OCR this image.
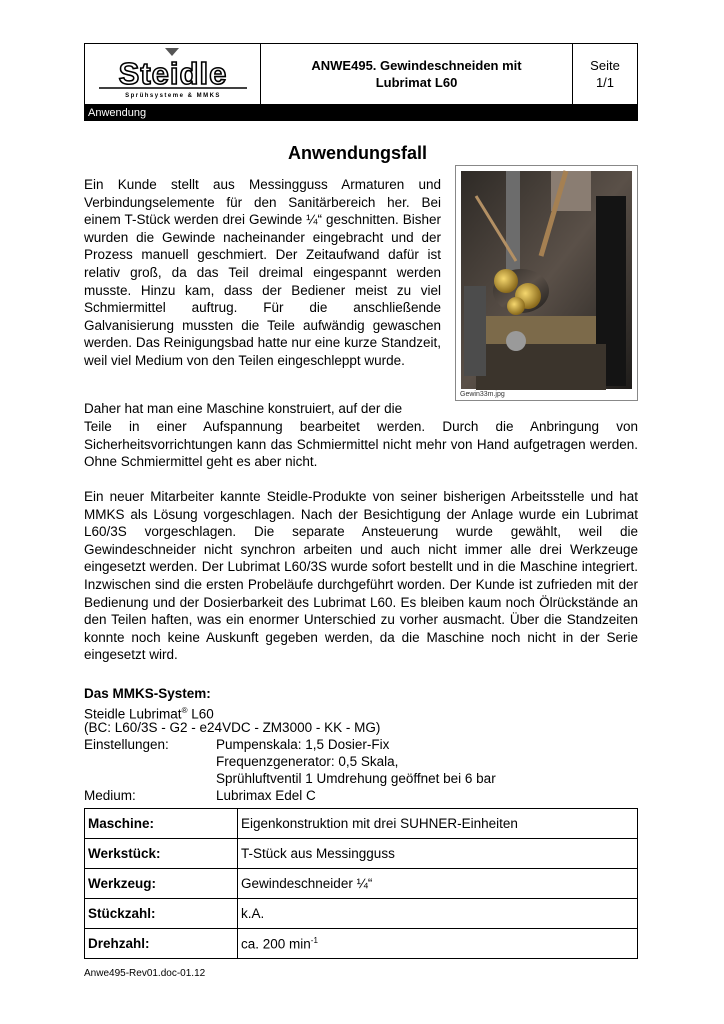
Steidle
Sprühsysteme & MMKS
ANWE495. Gewindeschneiden mit
Lubrimat L60
Seite
1/1
Anwendung
Anwendungsfall

Ein Kunde stellt aus Messingguss Armaturen und Verbindungselemente für den Sanitärbereich her. Bei einem T-Stück werden drei Gewinde ¼“ geschnitten. Bisher wurden die Gewinde nacheinander eingebracht und der Prozess manuell geschmiert. Der Zeitaufwand dafür ist relativ groß, da das Teil dreimal eingespannt werden musste. Hinzu kam, dass der Bediener meist zu viel Schmiermittel auftrug. Für die anschließende Galvanisierung mussten die Teile aufwändig gewaschen werden. Das Reinigungsbad hatte nur eine kurze Standzeit, weil viel Medium von den Teilen eingeschleppt wurde.

Gewin33m.jpg

Daher hat man eine Maschine konstruiert, auf der die

Teile in einer Aufspannung bearbeitet werden. Durch die Anbringung von Sicherheitsvorrichtungen kann das Schmiermittel nicht mehr von Hand aufgetragen werden. Ohne Schmiermittel geht es aber nicht.

Ein neuer Mitarbeiter kannte Steidle-Produkte von seiner bisherigen Arbeitsstelle und hat MMKS als Lösung vorgeschlagen. Nach der Besichtigung der Anlage wurde ein Lubrimat L60/3S vorgeschlagen. Die separate Ansteuerung wurde gewählt, weil die Gewindeschneider nicht synchron arbeiten und auch nicht immer alle drei Werkzeuge eingesetzt werden. Der Lubrimat L60/3S wurde sofort bestellt und in die Maschine integriert. Inzwischen sind die ersten Probeläufe durchgeführt worden. Der Kunde ist zufrieden mit der Bedienung und der Dosierbarkeit des Lubrimat L60. Es bleiben kaum noch Ölrückstände an den Teilen haften, was ein enormer Unterschied zu vorher ausmacht. Über die Standzeiten konnte noch keine Auskunft gegeben werden, da die Maschine noch nicht in der Serie eingesetzt wird.

Das MMKS-System:
Steidle Lubrimat® L60
(BC: L60/3S - G2 - e24VDC - ZM3000 - KK - MG)
Einstellungen:	Pumpenskala: 1,5 Dosier-Fix
Frequenzgenerator: 0,5 Skala,
Sprühluftventil 1 Umdrehung geöffnet bei 6 bar
Medium:	Lubrimax Edel C
Maschine:	Eigenkonstruktion mit drei SUHNER-Einheiten
Werkstück:	T-Stück aus Messingguss
Werkzeug:	Gewindeschneider ¼“
Stückzahl:	k.A.
Drehzahl:	ca. 200 $\min^{-1}$
Anwe495-Rev01.doc-01.12
